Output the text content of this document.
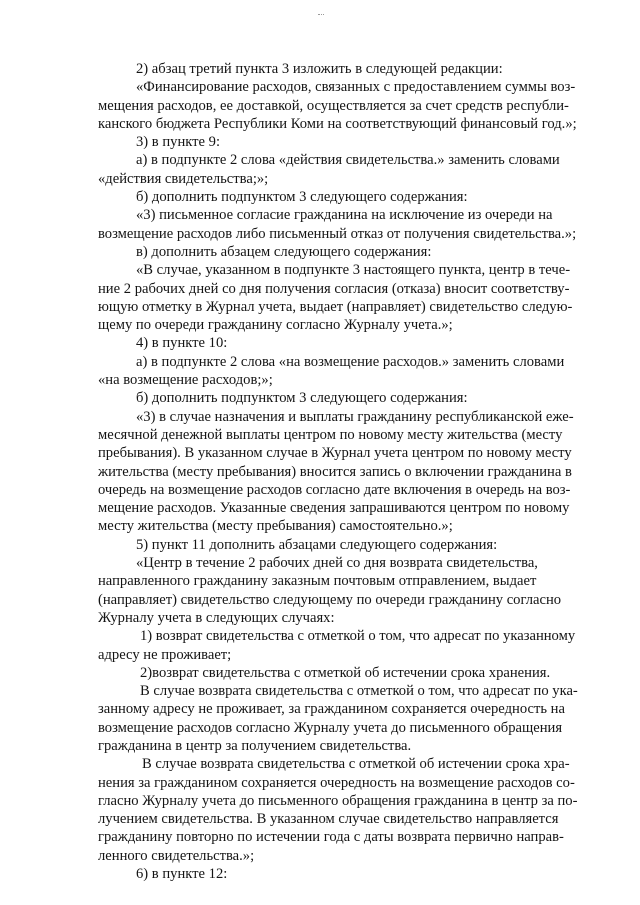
2) абзац третий пункта 3 изложить в следующей редакции:
«Финансирование расходов, связанных с предоставлением суммы воз-
мещения расходов, ее доставкой, осуществляется за счет средств республи-
канского бюджета Республики Коми на соответствующий финансовый год.»;
3) в пункте 9:
а) в подпункте 2 слова «действия свидетельства.» заменить словами
«действия свидетельства;»;
б) дополнить подпунктом 3 следующего содержания:
«3) письменное согласие гражданина на исключение из очереди на
возмещение расходов либо письменный отказ от получения свидетельства.»;
в) дополнить абзацем следующего содержания:
«В случае, указанном в подпункте 3 настоящего пункта, центр в тече-
ние 2 рабочих дней со дня получения согласия (отказа) вносит соответству-
ющую отметку в Журнал учета, выдает (направляет) свидетельство следую-
щему по очереди гражданину согласно Журналу учета.»;
4) в пункте 10:
а) в подпункте 2 слова «на возмещение расходов.» заменить словами
«на возмещение расходов;»;
б) дополнить подпунктом 3 следующего содержания:
«3) в случае назначения и выплаты гражданину республиканской еже-
месячной денежной выплаты центром по новому месту жительства (месту
пребывания). В указанном случае в Журнал учета центром по новому месту
жительства (месту пребывания) вносится запись о включении гражданина в
очередь на возмещение расходов согласно дате включения в очередь на воз-
мещение расходов. Указанные сведения запрашиваются центром по новому
месту жительства (месту пребывания) самостоятельно.»;
5) пункт 11 дополнить абзацами следующего содержания:
«Центр в течение 2 рабочих дней со дня возврата свидетельства,
направленного гражданину заказным почтовым отправлением, выдает
(направляет) свидетельство следующему по очереди гражданину согласно
Журналу учета в следующих случаях:
1) возврат свидетельства с отметкой о том, что адресат по указанному
адресу не проживает;
2)возврат свидетельства с отметкой об истечении срока хранения.
В случае возврата свидетельства с отметкой о том, что адресат по ука-
занному адресу не проживает, за гражданином сохраняется очередность на
возмещение расходов согласно Журналу учета до письменного обращения
гражданина в центр за получением свидетельства.
В случае возврата свидетельства с отметкой об истечении срока хра-
нения за гражданином сохраняется очередность на возмещение расходов со-
гласно Журналу учета до письменного обращения гражданина в центр за по-
лучением свидетельства. В указанном случае свидетельство направляется
гражданину повторно по истечении года с даты возврата первично направ-
ленного свидетельства.»;
6) в пункте 12:
